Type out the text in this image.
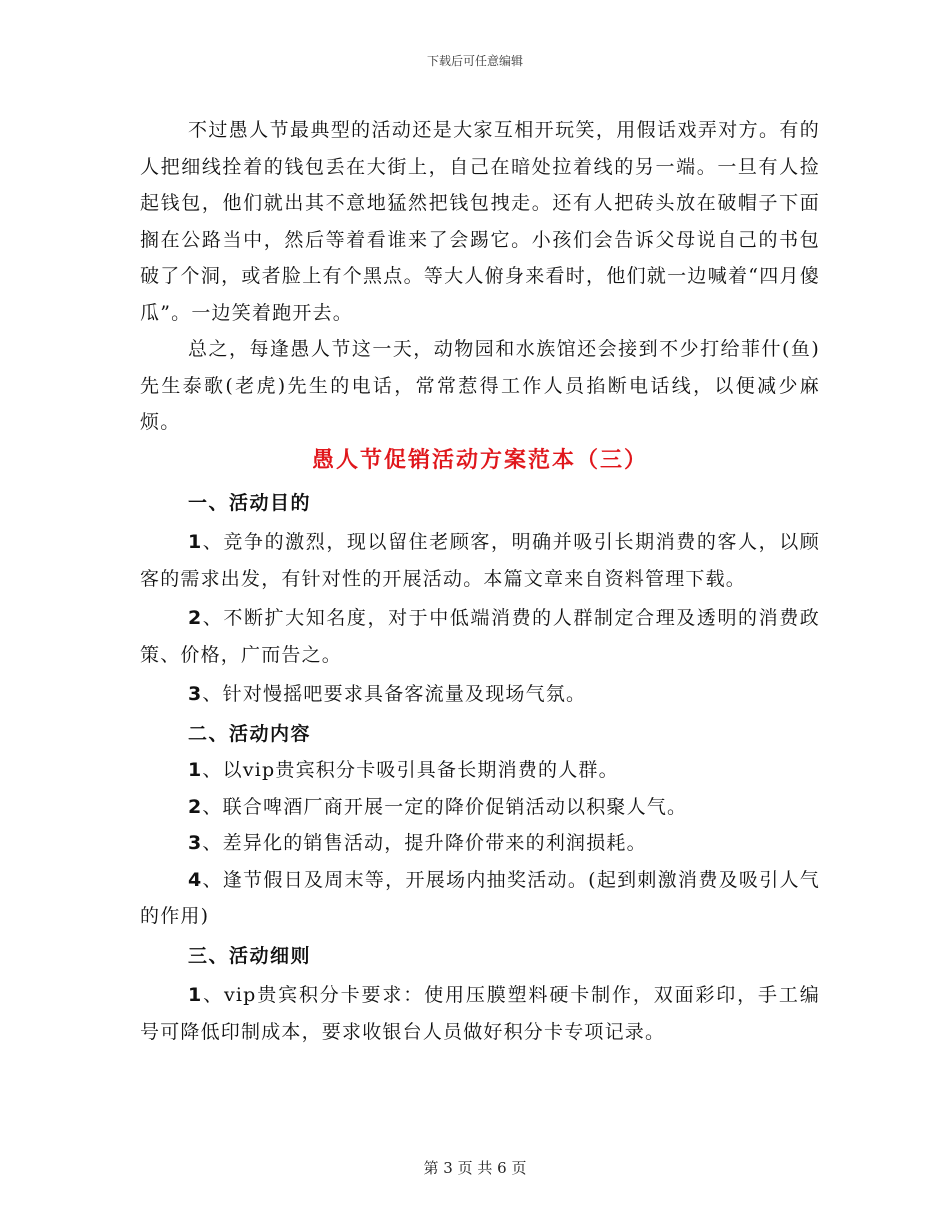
下载后可任意编辑

不过愚人节最典型的活动还是大家互相开玩笑，用假话戏弄对方。有的人把细线拴着的钱包丢在大街上，自己在暗处拉着线的另一端。一旦有人捡起钱包，他们就出其不意地猛然把钱包拽走。还有人把砖头放在破帽子下面搁在公路当中，然后等着看谁来了会踢它。小孩们会告诉父母说自己的书包破了个洞，或者脸上有个黑点。等大人俯身来看时，他们就一边喊着“四月傻瓜”。一边笑着跑开去。

总之，每逢愚人节这一天，动物园和水族馆还会接到不少打给菲什(鱼)先生泰歌(老虎)先生的电话，常常惹得工作人员掐断电话线，以便减少麻烦。

愚人节促销活动方案范本（三）
一、活动目的

1、竞争的激烈，现以留住老顾客，明确并吸引长期消费的客人，以顾客的需求出发，有针对性的开展活动。本篇文章来自资料管理下载。

2、不断扩大知名度，对于中低端消费的人群制定合理及透明的消费政策、价格，广而告之。

3、针对慢摇吧要求具备客流量及现场气氛。

二、活动内容

1、以vip贵宾积分卡吸引具备长期消费的人群。

2、联合啤酒厂商开展一定的降价促销活动以积聚人气。

3、差异化的销售活动，提升降价带来的利润损耗。

4、逢节假日及周末等，开展场内抽奖活动。(起到刺激消费及吸引人气的作用)

三、活动细则

1、vip贵宾积分卡要求：使用压膜塑料硬卡制作，双面彩印，手工编号可降低印制成本，要求收银台人员做好积分卡专项记录。

第 3 页 共 6 页
